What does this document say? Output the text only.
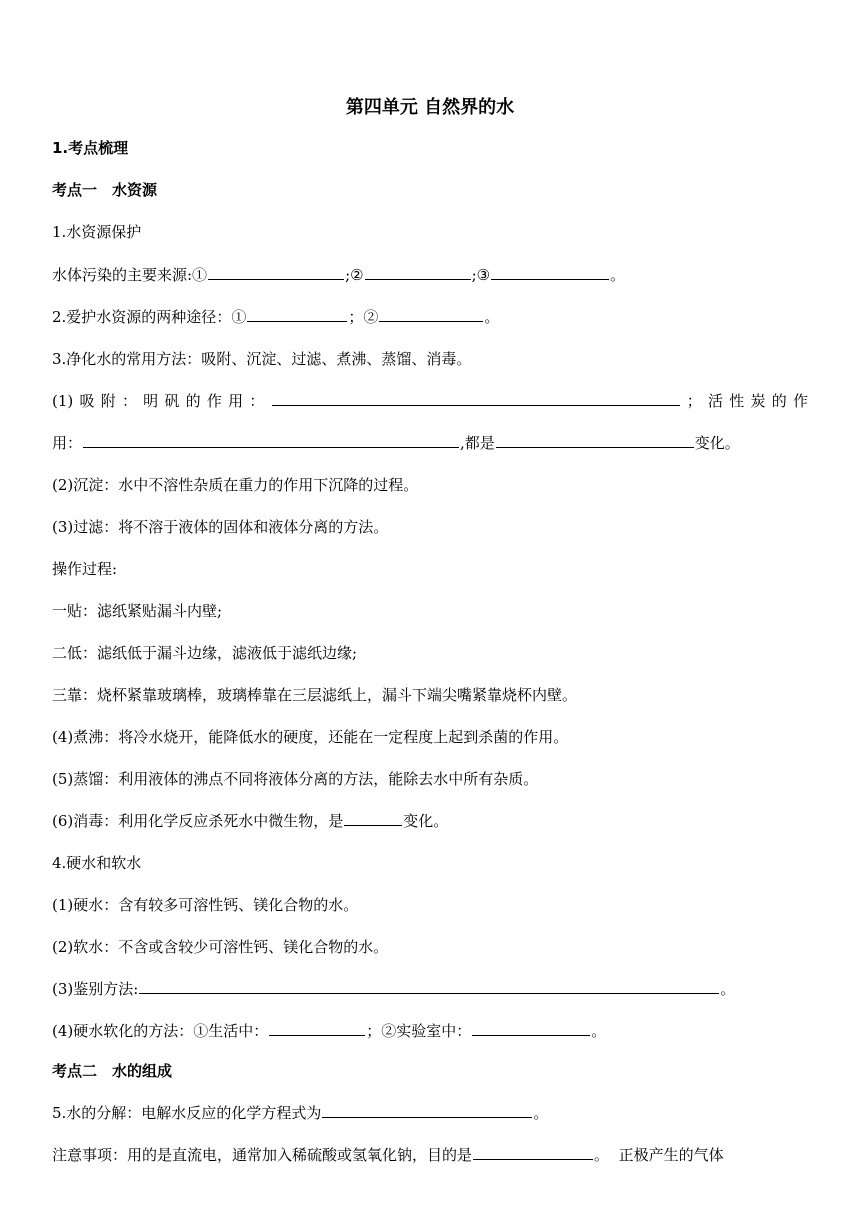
第四单元 自然界的水
1.考点梳理
考点一　水资源
1.水资源保护
水体污染的主要来源:①	;②	;③	。
2.爱护水资源的两种途径：①	；②	。
3.净化水的常用方法：吸附、沉淀、过滤、煮沸、蒸馏、消毒。
(1) 吸 附 ： 明 矾 的 作 用 ：	； 活 性 炭 的 作
用：	,都是	变化。
(2)沉淀：水中不溶性杂质在重力的作用下沉降的过程。
(3)过滤：将不溶于液体的固体和液体分离的方法。
操作过程:
一贴：滤纸紧贴漏斗内壁;
二低：滤纸低于漏斗边缘，滤液低于滤纸边缘;
三靠：烧杯紧靠玻璃棒，玻璃棒靠在三层滤纸上，漏斗下端尖嘴紧靠烧杯内壁。
(4)煮沸：将冷水烧开，能降低水的硬度，还能在一定程度上起到杀菌的作用。
(5)蒸馏：利用液体的沸点不同将液体分离的方法，能除去水中所有杂质。
(6)消毒：利用化学反应杀死水中微生物，是	变化。
4.硬水和软水
(1)硬水：含有较多可溶性钙、镁化合物的水。
(2)软水：不含或含较少可溶性钙、镁化合物的水。
(3)鉴别方法:	。
(4)硬水软化的方法：①生活中：	；②实验室中：	。
考点二　水的组成
5.水的分解：电解水反应的化学方程式为	。
注意事项：用的是直流电，通常加入稀硫酸或氢氧化钠，目的是	。 正极产生的气体
